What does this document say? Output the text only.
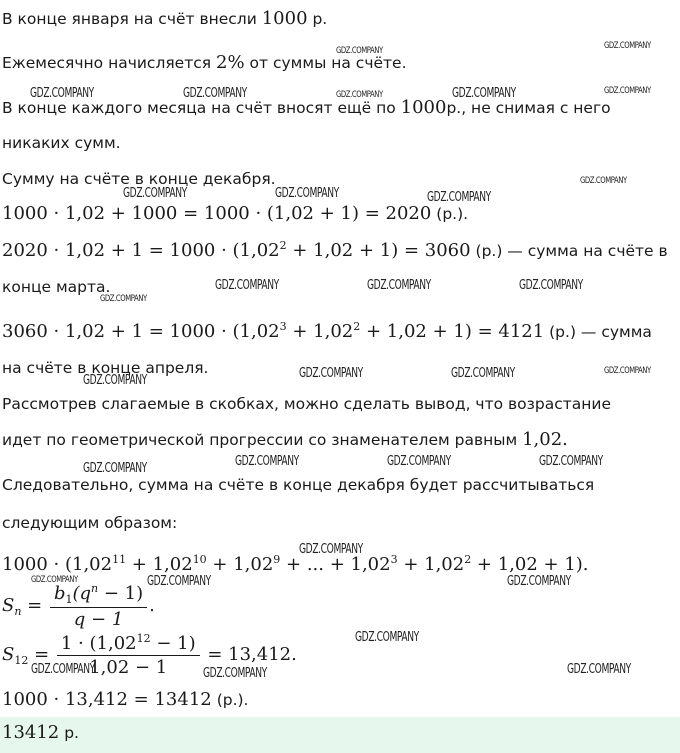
В конце января на счёт внесли 1000 р.
Ежемесячно начисляется 2% от суммы на счёте.
В конце каждого месяца на счёт вносят ещё по 1000р., не снимая с него
никаких сумм.
Сумму на счёте в конце декабря.
1000 · 1,02 + 1000 = 1000 · (1,02 + 1) = 2020 (р.).
$2020 \cdot 1,02 + 1 = 1000 \cdot (1,02^2 + 1,02 + 1) = 3060$ (р.) — сумма на счёте в
конце марта.
$3060 \cdot 1,02 + 1 = 1000 \cdot (1,02^3 + 1,02^2 + 1,02 + 1) = 4121$ (р.) — сумма
на счёте в конце апреля.
Рассмотрев слагаемые в скобках, можно сделать вывод, что возрастание
идет по геометрической прогрессии со знаменателем равным 1,02.
Следовательно, сумма на счёте в конце декабря будет рассчитываться
следующим образом:
$1000 \cdot (1,02^{11} + 1,02^{10} + 1,02^9$ + ... + $1,02^3 + 1,02^2 + 1,02 + 1$).
$S_n = \frac{b_1(q^n - 1)}{q - 1}$ .
$S_{12} = \frac{1 \cdot (1,02^{12} - 1)}{1,02 - 1} = 13,412$.
1000 · 13,412 = 13412 (р.).
13412 р.
GDZ.COMPANY	GDZ.COMPANY
GDZ.COMPANY	GDZ.COMPANY	GDZ.COMPANY	GDZ.COMPANY	GDZ.COMPANY
GDZ.COMPANY
GDZ.COMPANY	GDZ.COMPANY	GDZ.COMPANY
GDZ.COMPANY
GDZ.COMPANY	GDZ.COMPANY	GDZ.COMPANY
GDZ.COMPANY	GDZ.COMPANY	GDZ.COMPANY	GDZ.COMPANY
GDZ.COMPANY	GDZ.COMPANY	GDZ.COMPANY	GDZ.COMPANY
GDZ.COMPANY
GDZ.COMPANY	GDZ.COMPANY	GDZ.COMPANY
GDZ.COMPANY
GDZ.COMPANY	GDZ.COMPANY	GDZ.COMPANY
